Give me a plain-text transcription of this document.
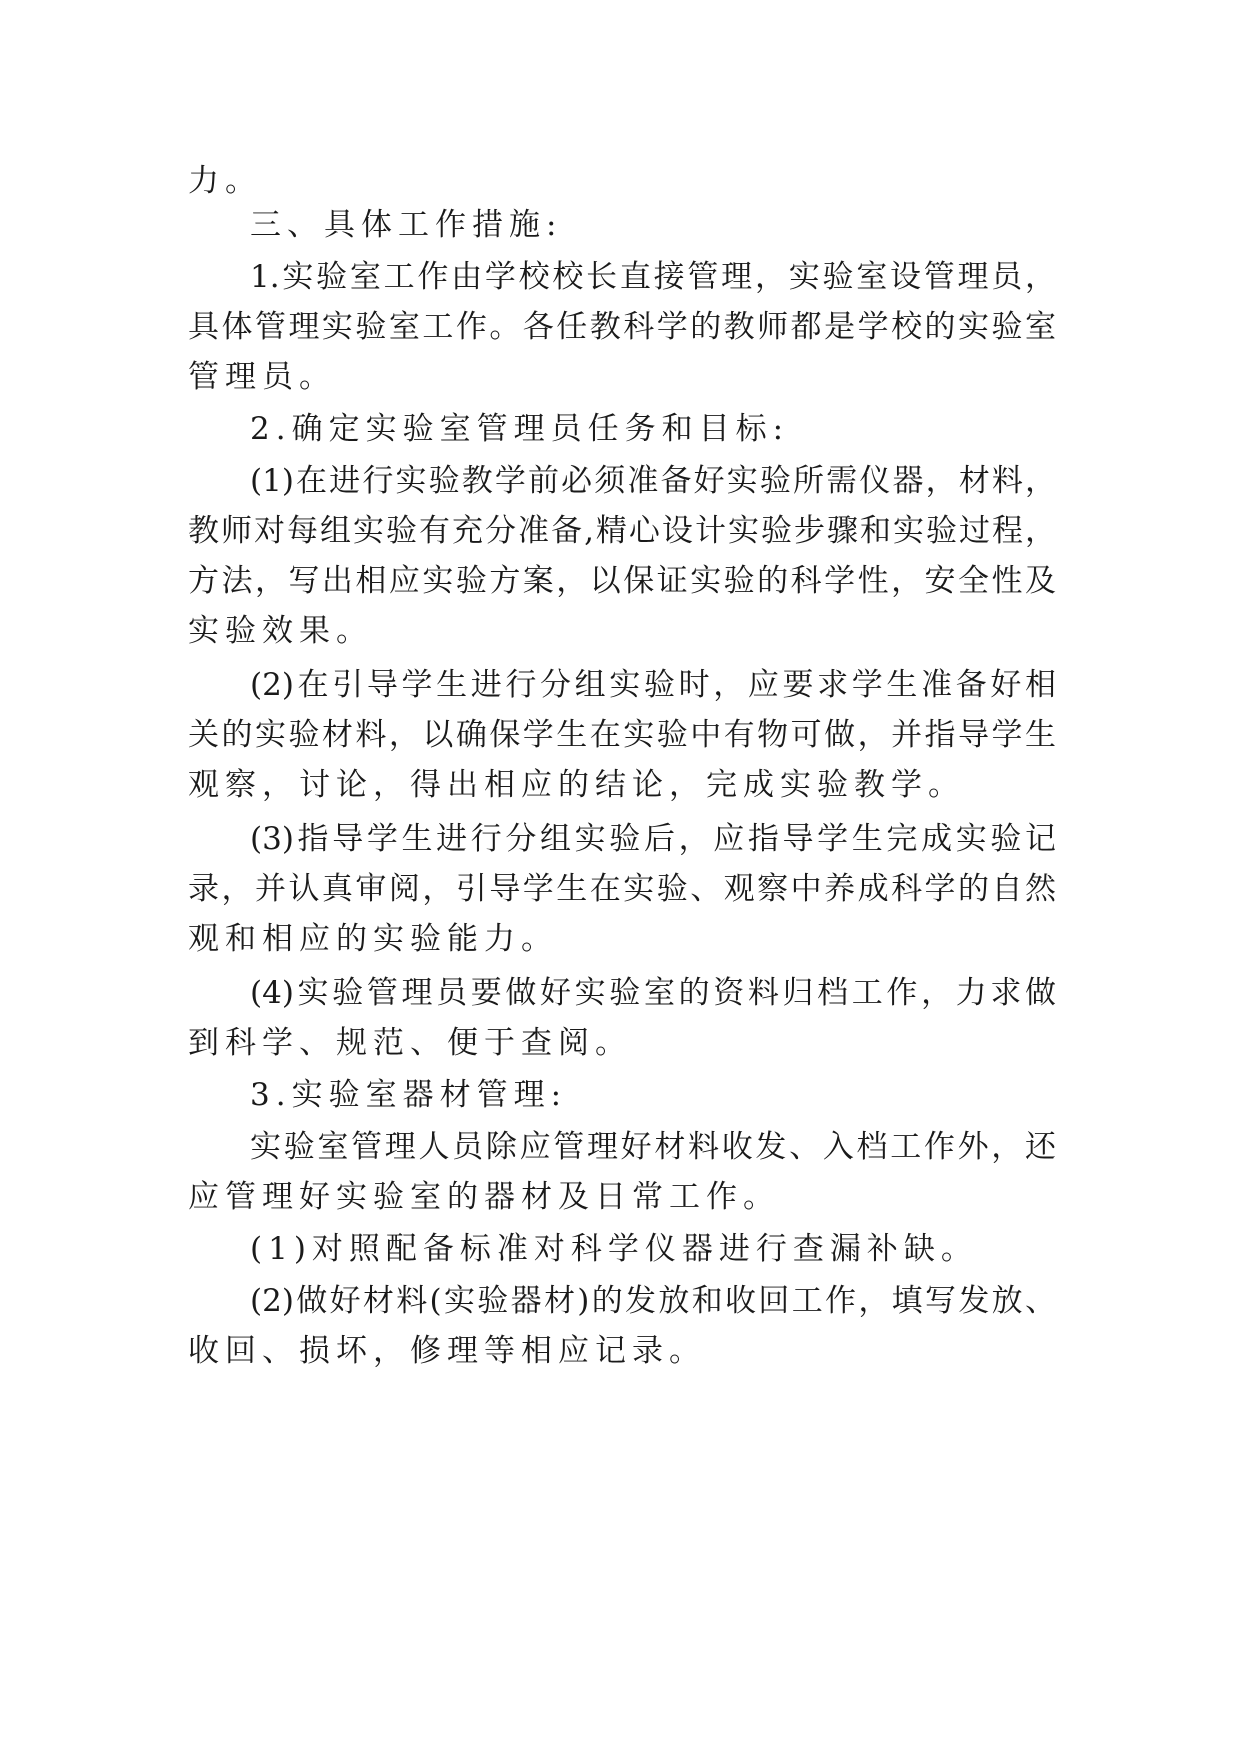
力。
三、具体工作措施:
1.实验室工作由学校校长直接管理，实验室设管理员，
具体管理实验室工作。各任教科学的教师都是学校的实验室
管理员。
2.确定实验室管理员任务和目标:
(1)在进行实验教学前必须准备好实验所需仪器，材料，
教师对每组实验有充分准备,精心设计实验步骤和实验过程，
方法，写出相应实验方案，以保证实验的科学性，安全性及
实验效果。
(2)在引导学生进行分组实验时，应要求学生准备好相
关的实验材料，以确保学生在实验中有物可做，并指导学生
观察，讨论，得出相应的结论，完成实验教学。
(3)指导学生进行分组实验后，应指导学生完成实验记
录，并认真审阅，引导学生在实验、观察中养成科学的自然
观和相应的实验能力。
(4)实验管理员要做好实验室的资料归档工作，力求做
到科学、规范、便于查阅。
3.实验室器材管理:
实验室管理人员除应管理好材料收发、入档工作外，还
应管理好实验室的器材及日常工作。
(1)对照配备标准对科学仪器进行查漏补缺。
(2)做好材料(实验器材)的发放和收回工作，填写发放、
收回、损坏，修理等相应记录。
